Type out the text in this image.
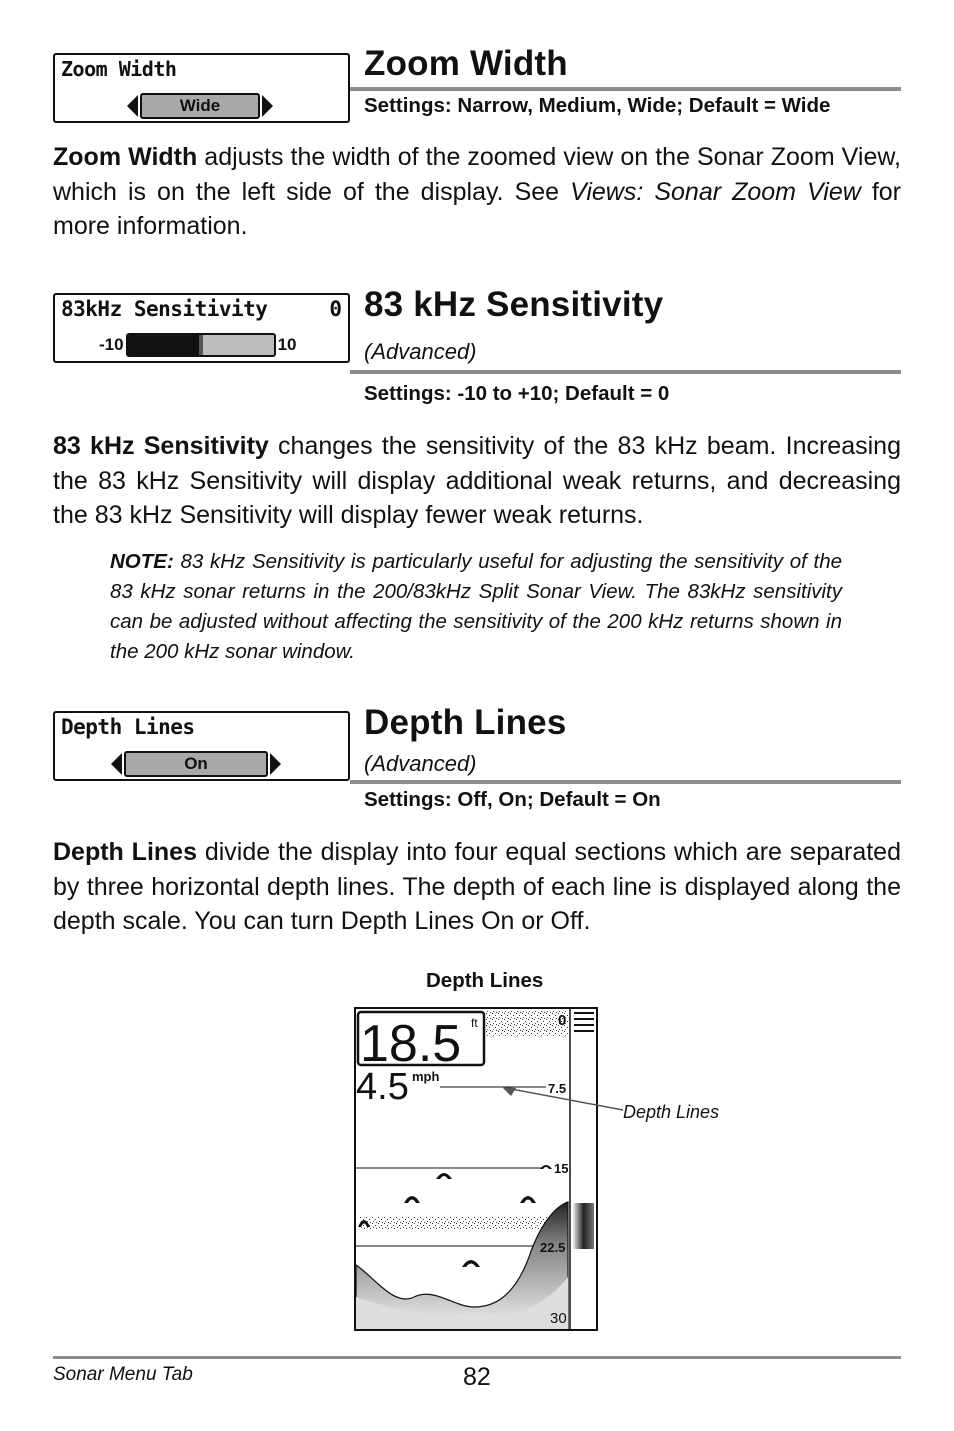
Zoom Width
Wide
Zoom Width
Settings: Narrow, Medium, Wide; Default = Wide
Zoom Width adjusts the width of the zoomed view on the Sonar Zoom View, which is on the left side of the display. See Views: Sonar Zoom View for more information.
83kHz Sensitivity	0
-10	10
83 kHz Sensitivity
(Advanced)
Settings: -10 to +10; Default = 0
83 kHz Sensitivity changes the sensitivity of the 83 kHz beam. Increasing the 83 kHz Sensitivity will display additional weak returns, and decreasing the 83 kHz Sensitivity will display fewer weak returns.
NOTE: 83 kHz Sensitivity is particularly useful for adjusting the sensitivity of the 83 kHz sonar returns in the 200/83kHz Split Sonar View. The 83kHz sensitivity can be adjusted without affecting the sensitivity of the 200 kHz returns shown in the 200 kHz sonar window.
Depth Lines
On
Depth Lines
(Advanced)
Settings: Off, On; Default = On
Depth Lines divide the display into four equal sections which are separated by three horizontal depth lines. The depth of each line is displayed along the depth scale. You can turn Depth Lines On or Off.
Depth Lines
18.5 ft
4.5 mph
0
7.5
15
22.5
30
Depth Lines
Sonar Menu Tab	82
